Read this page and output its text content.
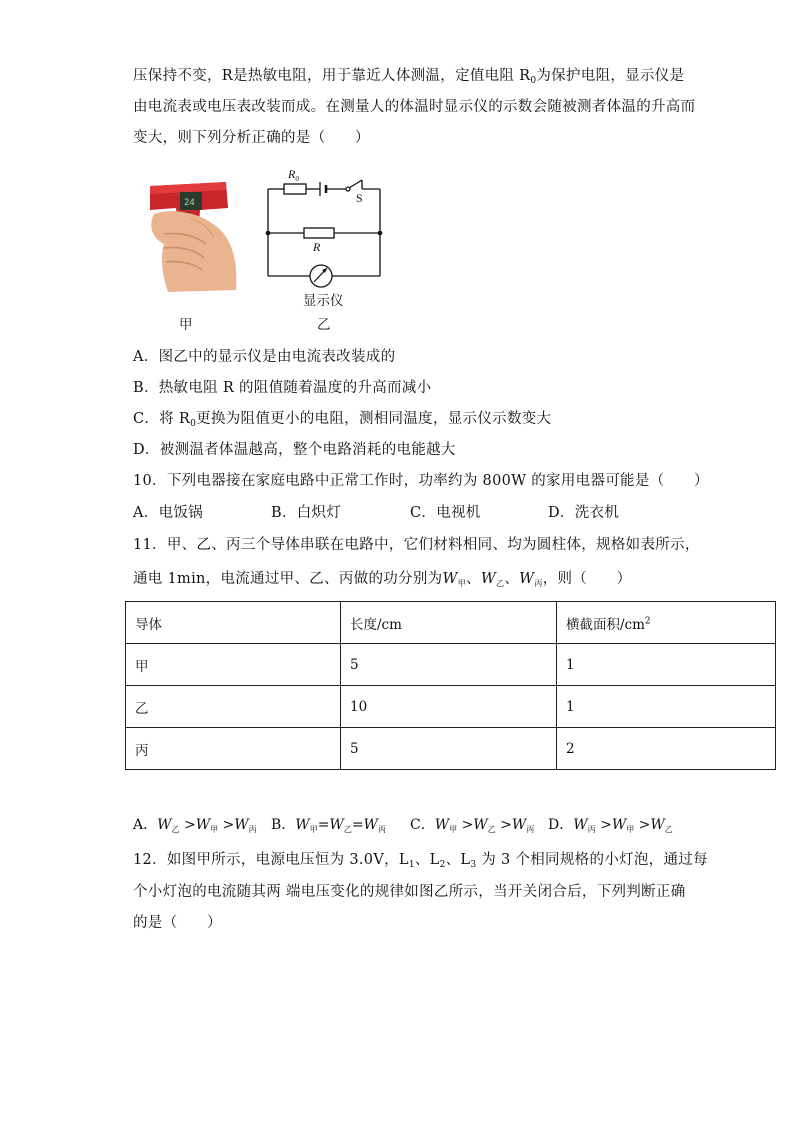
压保持不变，R是热敏电阻，用于靠近人体测温，定值电阻 $R_0$为保护电阻，显示仪是
由电流表或电压表改装而成。在测量人的体温时显示仪的示数会随被测者体温的升高而
变大，则下列分析正确的是（　　）
24
$R_0$
S
R
显示仪
甲	乙
A．图乙中的显示仪是由电流表改装成的
B．热敏电阻 R 的阻值随着温度的升高而减小
C．将 $R_0$更换为阻值更小的电阻，测相同温度，显示仪示数变大
D．被测温者体温越高，整个电路消耗的电能越大
10．下列电器接在家庭电路中正常工作时，功率约为 800W 的家用电器可能是（　　）
A．电饭锅	B．白炽灯	C．电视机	D．洗衣机
11．甲、乙、丙三个导体串联在电路中，它们材料相同、均为圆柱体，规格如表所示，
通电 1min，电流通过甲、乙、丙做的功分别为$W_甲$、$W_乙$、$W_丙$，则（　　）
导体	长度/cm	横截面积$/cm^2$
甲	5	1
乙	10	1
丙	5	2
A．$W_乙 >W_甲 >W_丙$ B．$W_甲=W_乙=W_丙$ C．$W_甲 >W_乙 >W_丙$ D．$W_丙 >W_甲 >W_乙$
12．如图甲所示，电源电压恒为 3.0V，$L_1$、$L_2$、$L_3$ 为 3 个相同规格的小灯泡，通过每
个小灯泡的电流随其两 端电压变化的规律如图乙所示，当开关闭合后，下列判断正确
的是（　　）
